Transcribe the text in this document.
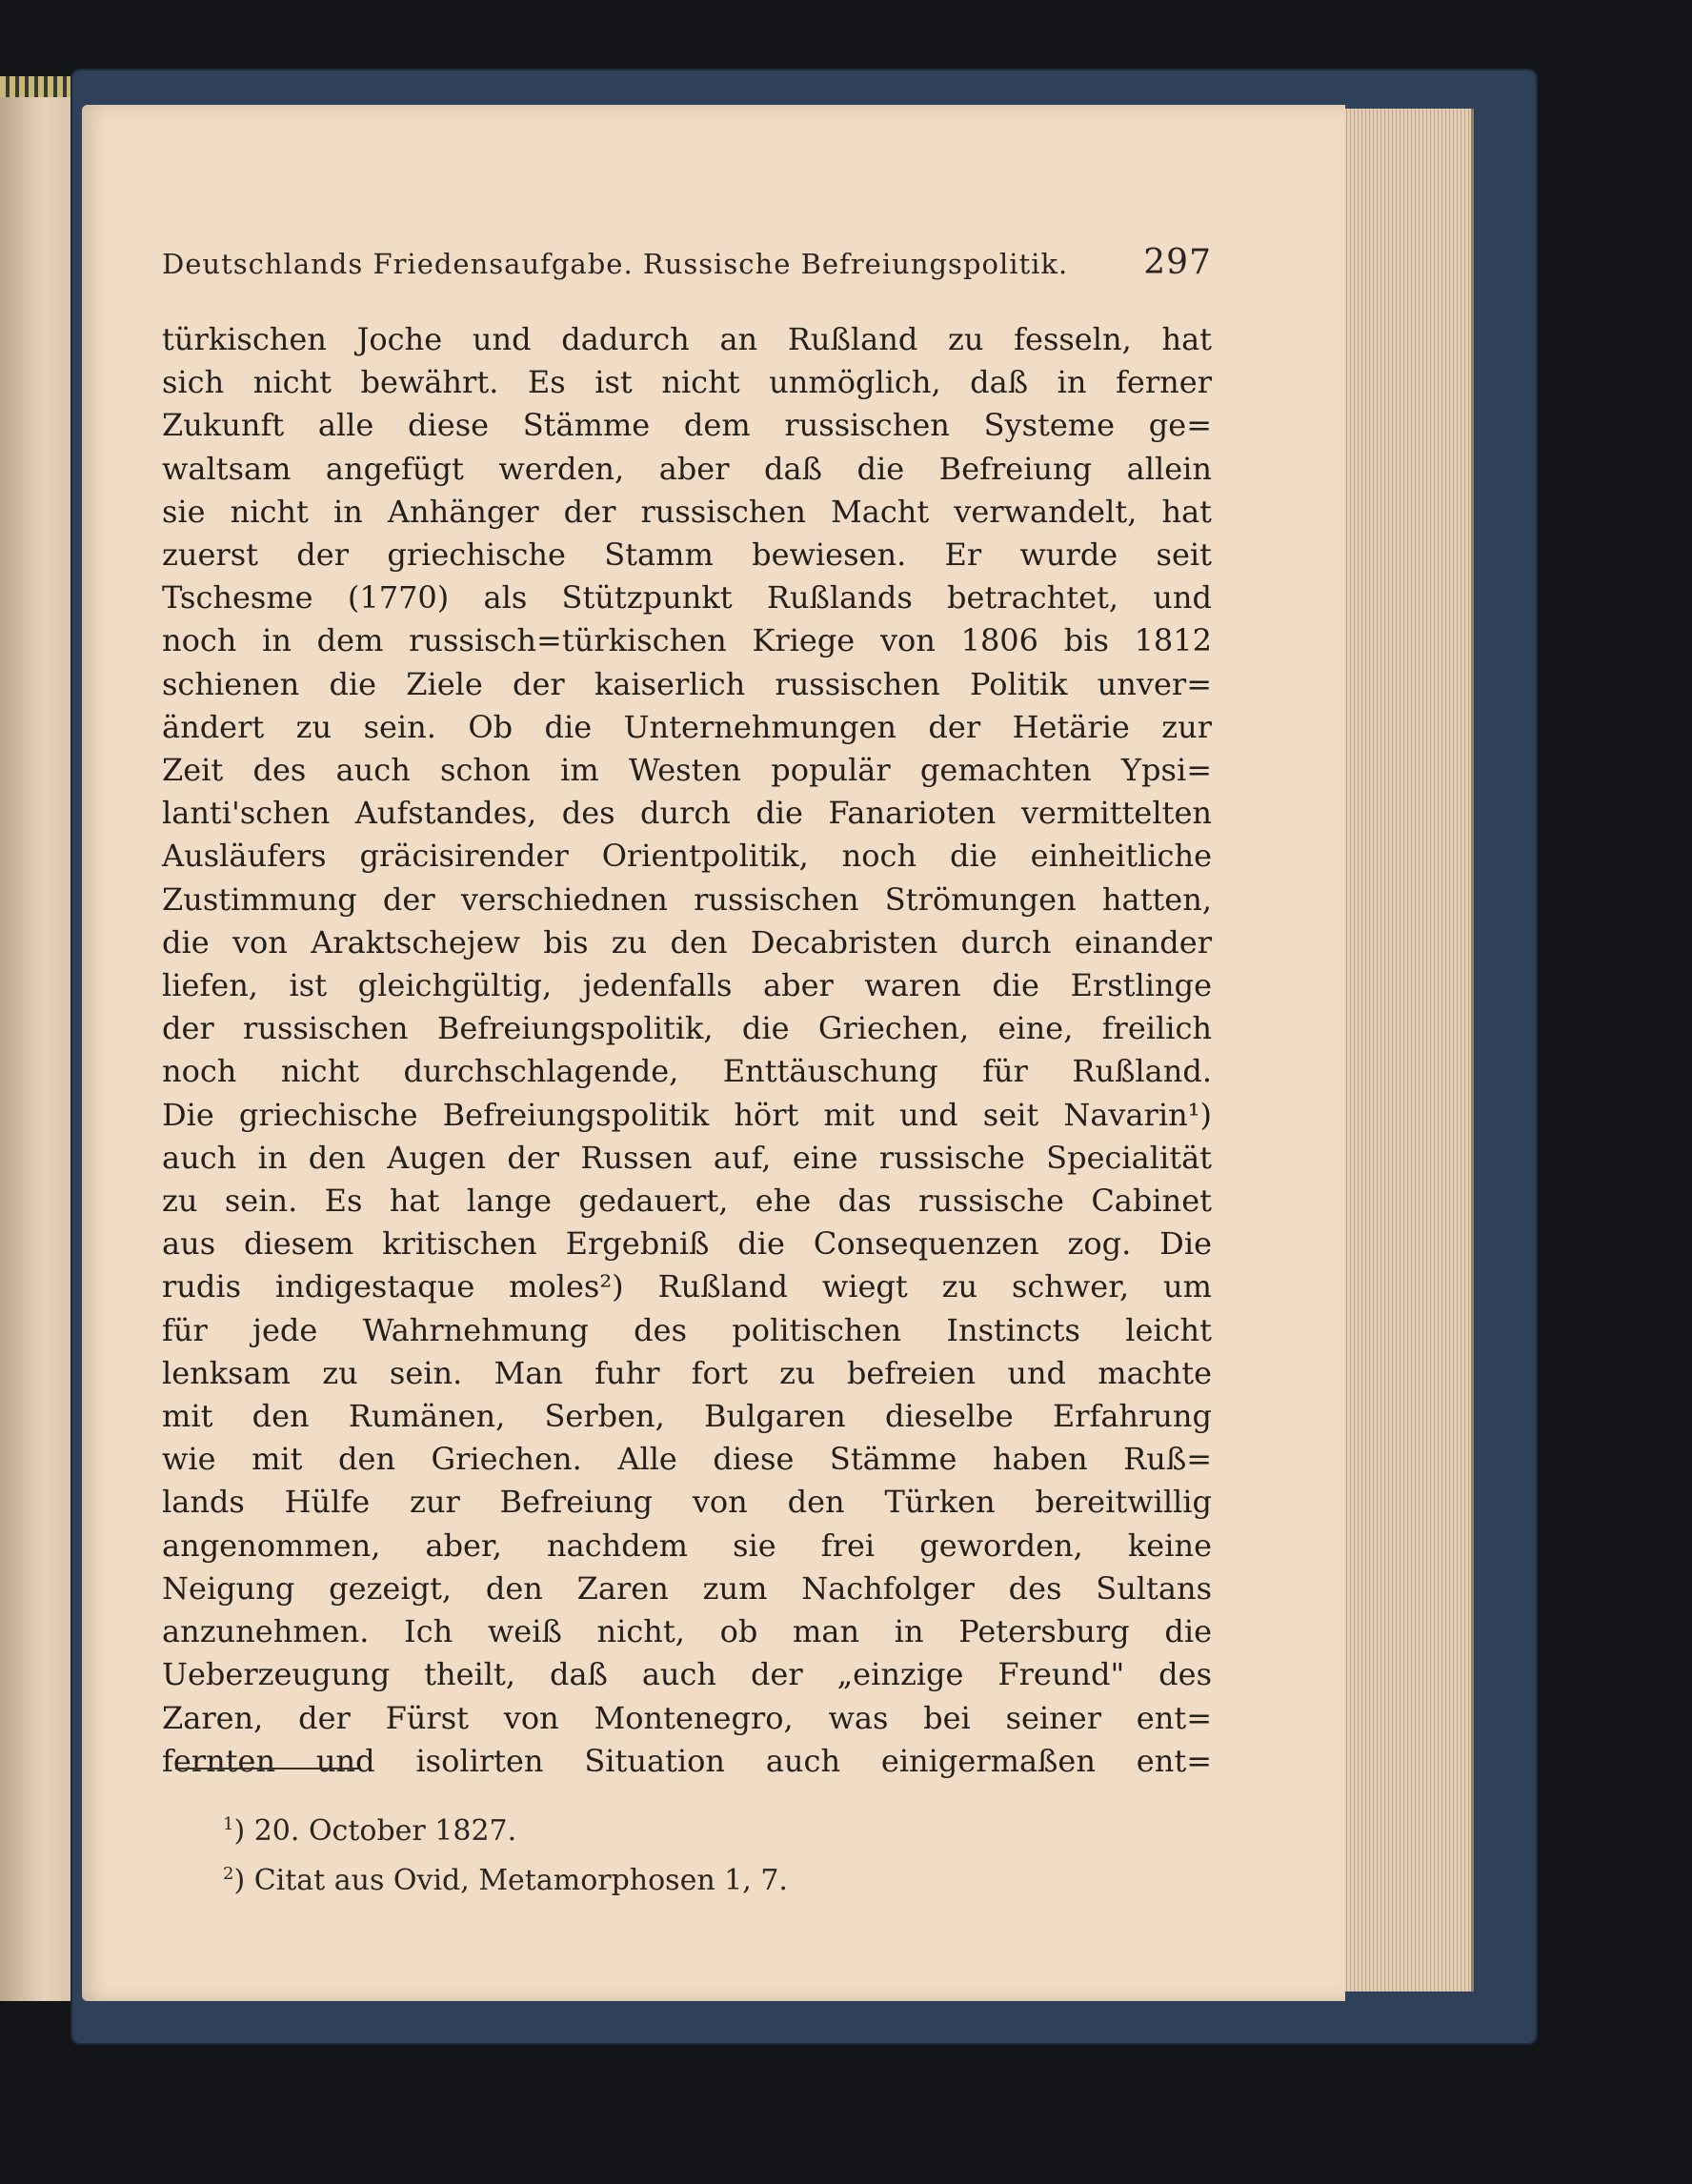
Deutschlands Friedensaufgabe. Russische Befreiungspolitik. 297
türkischen Joche und dadurch an Rußland zu fesseln, hat
sich nicht bewährt. Es ist nicht unmöglich, daß in ferner
Zukunft alle diese Stämme dem russischen Systeme ge=
waltsam angefügt werden, aber daß die Befreiung allein
sie nicht in Anhänger der russischen Macht verwandelt, hat
zuerst der griechische Stamm bewiesen. Er wurde seit
Tschesme (1770) als Stützpunkt Rußlands betrachtet, und
noch in dem russisch=türkischen Kriege von 1806 bis 1812
schienen die Ziele der kaiserlich russischen Politik unver=
ändert zu sein. Ob die Unternehmungen der Hetärie zur
Zeit des auch schon im Westen populär gemachten Ypsi=
lanti'schen Aufstandes, des durch die Fanarioten vermittelten
Ausläufers gräcisirender Orientpolitik, noch die einheitliche
Zustimmung der verschiednen russischen Strömungen hatten,
die von Araktschejew bis zu den Decabristen durch einander
liefen, ist gleichgültig, jedenfalls aber waren die Erstlinge
der russischen Befreiungspolitik, die Griechen, eine, freilich
noch nicht durchschlagende, Enttäuschung für Rußland.
Die griechische Befreiungspolitik hört mit und seit Navarin¹)
auch in den Augen der Russen auf, eine russische Specialität
zu sein. Es hat lange gedauert, ehe das russische Cabinet
aus diesem kritischen Ergebniß die Consequenzen zog. Die
rudis indigestaque moles²) Rußland wiegt zu schwer, um
für jede Wahrnehmung des politischen Instincts leicht
lenksam zu sein. Man fuhr fort zu befreien und machte
mit den Rumänen, Serben, Bulgaren dieselbe Erfahrung
wie mit den Griechen. Alle diese Stämme haben Ruß=
lands Hülfe zur Befreiung von den Türken bereitwillig
angenommen, aber, nachdem sie frei geworden, keine
Neigung gezeigt, den Zaren zum Nachfolger des Sultans
anzunehmen. Ich weiß nicht, ob man in Petersburg die
Ueberzeugung theilt, daß auch der „einzige Freund" des
Zaren, der Fürst von Montenegro, was bei seiner ent=
fernten und isolirten Situation auch einigermaßen ent=
$^1$) 20. October 1827.
$^2$) Citat aus Ovid, Metamorphosen 1, 7.
